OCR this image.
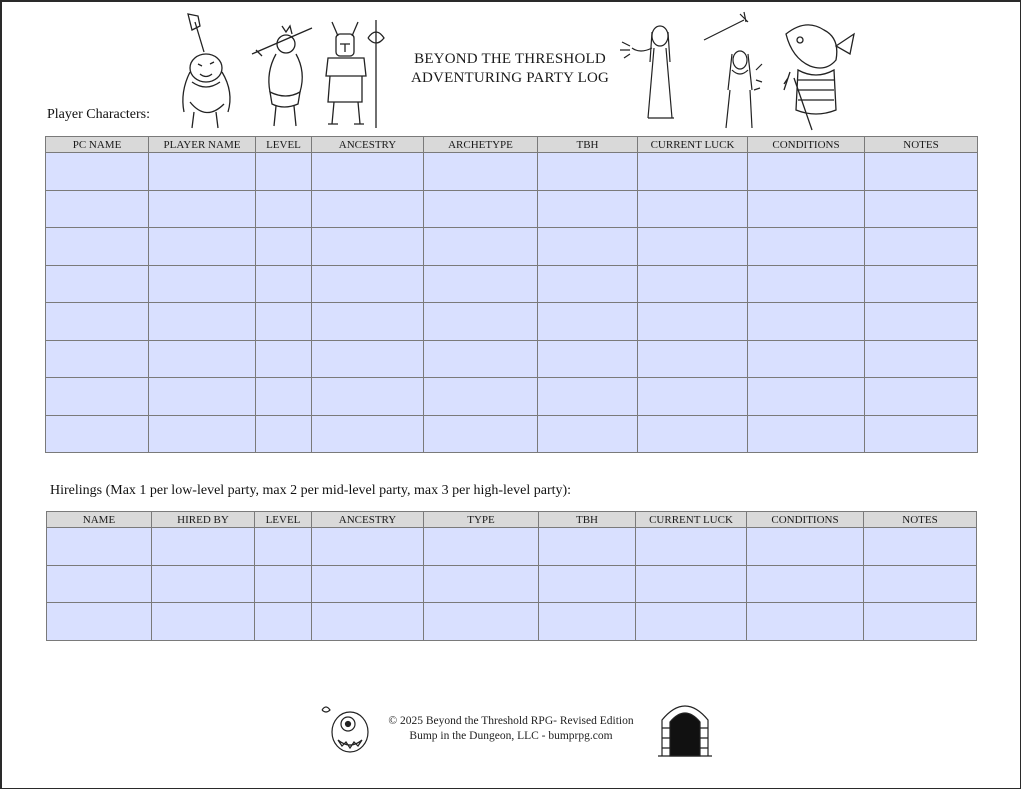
BEYOND THE THRESHOLD
ADVENTURING PARTY LOG
Player Characters:
PC NAME	PLAYER NAME	LEVEL	ANCESTRY	ARCHETYPE	TBH	CURRENT LUCK	CONDITIONS	NOTES

Hirelings (Max 1 per low-level party, max 2 per mid-level party, max 3 per high-level party):
NAME	HIRED BY	LEVEL	ANCESTRY	TYPE	TBH	CURRENT LUCK	CONDITIONS	NOTES

© 2025 Beyond the Threshold RPG- Revised Edition
Bump in the Dungeon, LLC - bumprpg.com
